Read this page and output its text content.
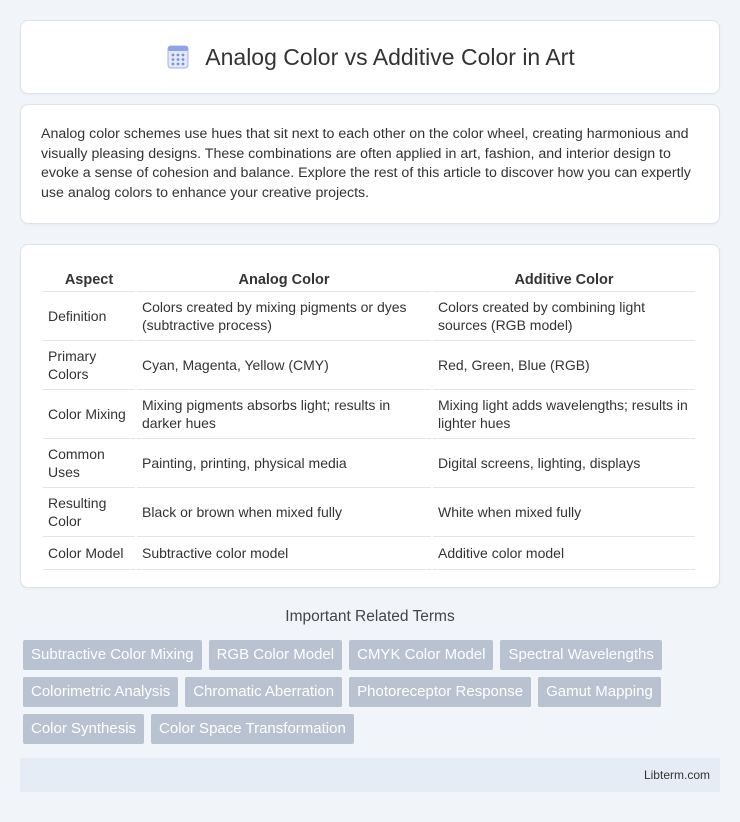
Analog Color vs Additive Color in Art

Analog color schemes use hues that sit next to each other on the color wheel, creating harmonious and visually pleasing designs. These combinations are often applied in art, fashion, and interior design to evoke a sense of cohesion and balance. Explore the rest of this article to discover how you can expertly use analog colors to enhance your creative projects.

Aspect	Analog Color	Additive Color
Definition	Colors created by mixing pigments or dyes (subtractive process)	Colors created by combining light sources (RGB model)
Primary Colors	Cyan, Magenta, Yellow (CMY)	Red, Green, Blue (RGB)
Color Mixing	Mixing pigments absorbs light; results in darker hues	Mixing light adds wavelengths; results in lighter hues
Common Uses	Painting, printing, physical media	Digital screens, lighting, displays
Resulting Color	Black or brown when mixed fully	White when mixed fully
Color Model	Subtractive color model	Additive color model
Important Related Terms
Subtractive Color Mixing	RGB Color Model	CMYK Color Model	Spectral Wavelengths
Colorimetric Analysis	Chromatic Aberration	Photoreceptor Response	Gamut Mapping
Color Synthesis	Color Space Transformation
Libterm.com
